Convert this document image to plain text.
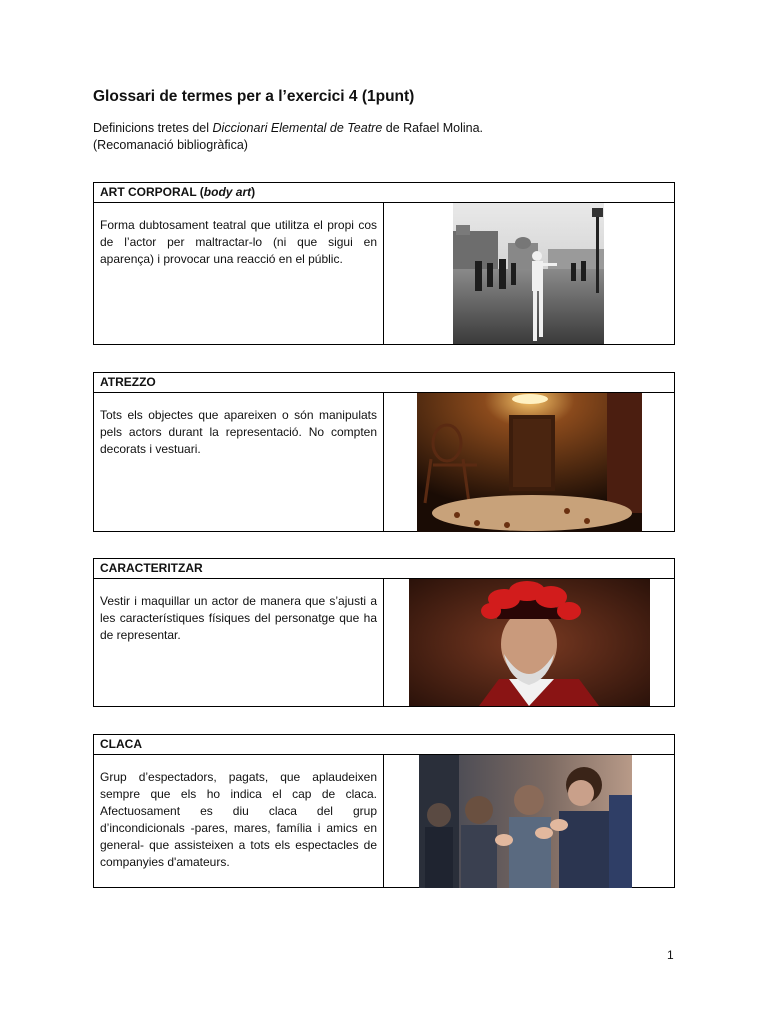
Glossari de termes per a l’exercici 4 (1punt)
Definicions tretes del Diccionari Elemental de Teatre de Rafael Molina.
(Recomanació bibliogràfica)
ART CORPORAL (body art)
Forma dubtosament teatral que utilitza el propi cos de l’actor per maltractar-lo (ni que sigui en aparença) i provocar una reacció en el públic.
ATREZZO
Tots els objectes que apareixen o són manipulats pels actors durant la representació. No compten decorats i vestuari.
CARACTERITZAR
Vestir i maquillar un actor de manera que s’ajusti a les característiques físiques del personatge que ha de representar.
CLACA
Grup d’espectadors, pagats, que aplaudeixen sempre que els ho indica el cap de claca. Afectuosament es diu claca del grup d’incondicionals -pares, mares, família i amics en general- que assisteixen a tots els espectacles de companyies d'amateurs.
1
